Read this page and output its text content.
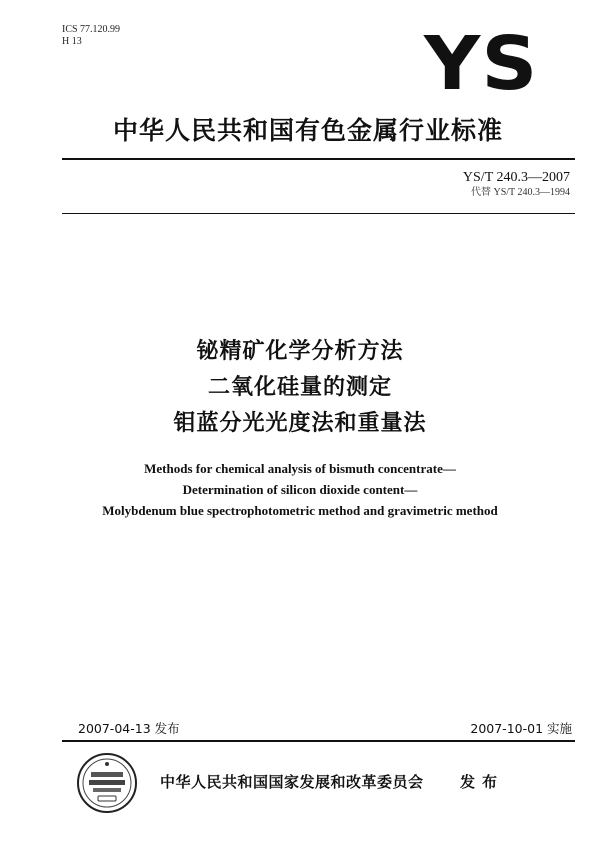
ICS 77.120.99
H 13	YS
中华人民共和国有色金属行业标准
YS/T 240.3—2007
代替 YS/T 240.3—1994
铋精矿化学分析方法
二氧化硅量的测定
钼蓝分光光度法和重量法
Methods for chemical analysis of bismuth concentrate—
Determination of silicon dioxide content—
Molybdenum blue spectrophotometric method and gravimetric method
2007-04-13 发布	2007-10-01 实施
中华人民共和国国家发展和改革委员会 发布
